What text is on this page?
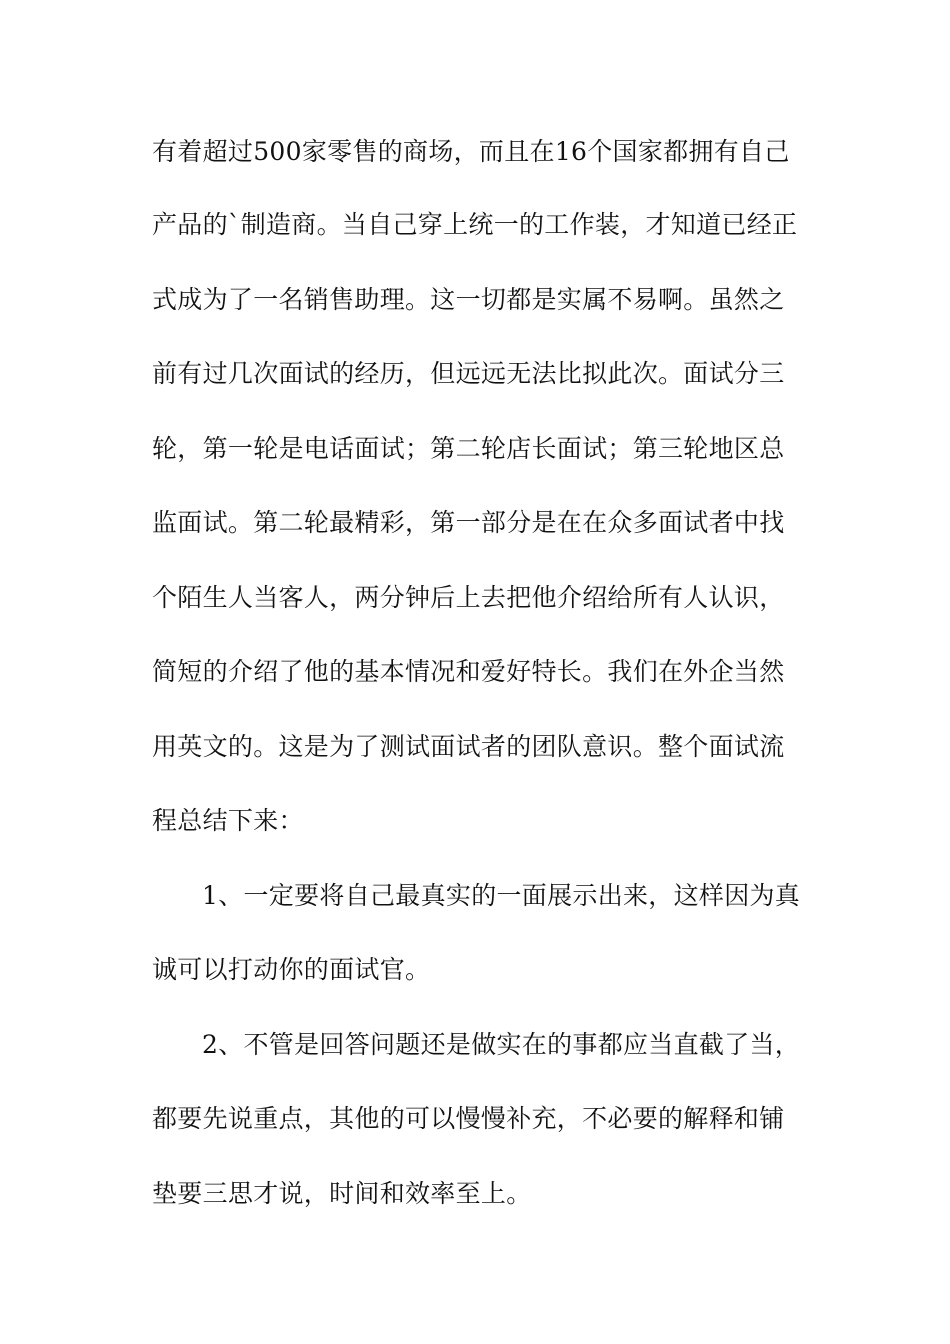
有着超过500家零售的商场，而且在16个国家都拥有自己
产品的`制造商。当自己穿上统一的工作装，才知道已经正
式成为了一名销售助理。这一切都是实属不易啊。虽然之
前有过几次面试的经历，但远远无法比拟此次。面试分三
轮，第一轮是电话面试；第二轮店长面试；第三轮地区总
监面试。第二轮最精彩，第一部分是在在众多面试者中找
个陌生人当客人，两分钟后上去把他介绍给所有人认识，
简短的介绍了他的基本情况和爱好特长。我们在外企当然
用英文的。这是为了测试面试者的团队意识。整个面试流
程总结下来：
1、一定要将自己最真实的一面展示出来，这样因为真
诚可以打动你的面试官。
2、不管是回答问题还是做实在的事都应当直截了当，
都要先说重点，其他的可以慢慢补充，不必要的解释和铺
垫要三思才说，时间和效率至上。
